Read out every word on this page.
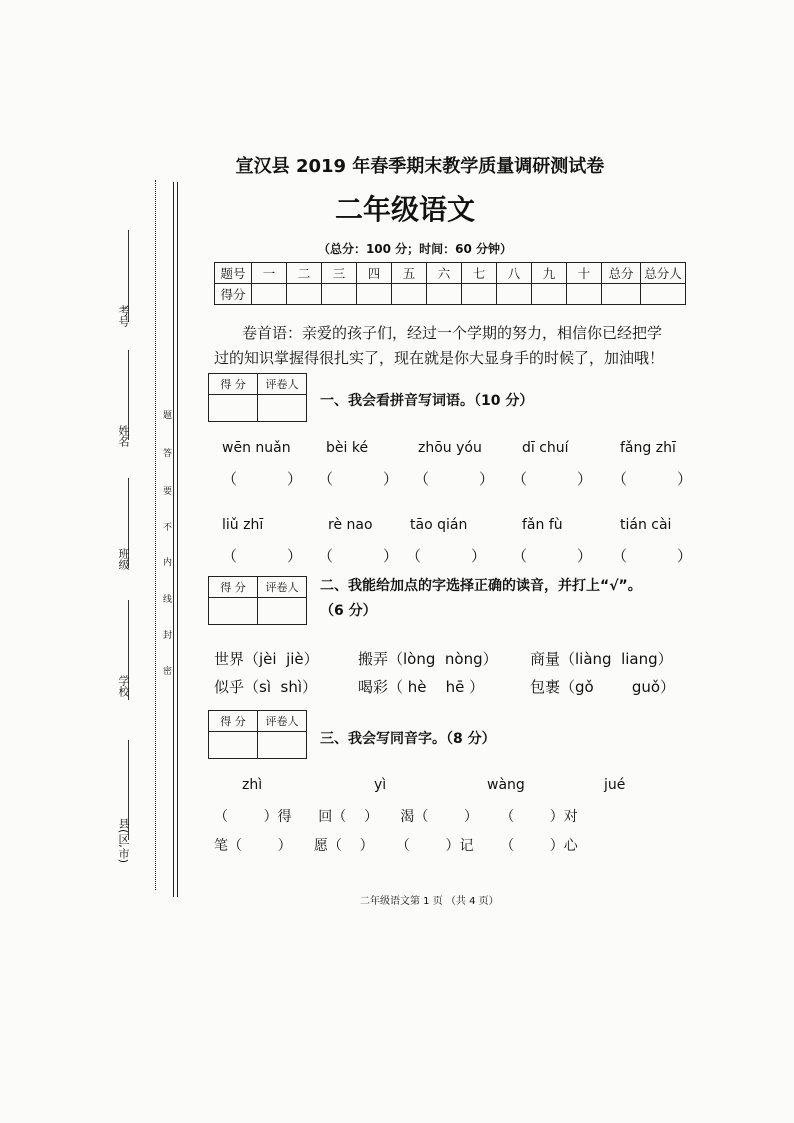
考号
姓名
班级
学校
县(区,市)
题
答
要
不
内
线
封
密
宣汉县 2019 年春季期末教学质量调研测试卷
二年级语文
（总分：100 分；时间：60 分钟）
题号	一	二	三	四	五	六	七	八	九	十	总分	总分人
得分												
卷首语：亲爱的孩子们，经过一个学期的努力，相信你已经把学
过的知识掌握得很扎实了，现在就是你大显身手的时候了，加油哦！
得 分	评卷人

一、我会看拼音写词语。（10 分）
wēn nuǎn	bèi ké	zhōu yóu	dī chuí	fǎng zhī
（	） （	） （	） （	） （	）
liǔ zhī	rè nao	tāo qián	fǎn fù	tián cài
（	） （	） （	） （	） （	）
得 分	评卷人
	二、我能给加点的字选择正确的读音，并打上“√”。
（6 分）
世界（jèi  jiè）	搬弄（lòng  nòng） 商量（liàng  liang）
似乎（sì  shì）	喝彩（ hè    hē ）	包裹（gǒ        guǒ）
得 分	评卷人

三、我会写同音字。（8 分）
zhì	yì	wàng	jué
（        ）得      回（    ）     渴（        ）     （        ）对
笔（        ）     愿（    ）     （        ）记      （        ）心
二年级语文第 1 页 （共 4 页）
